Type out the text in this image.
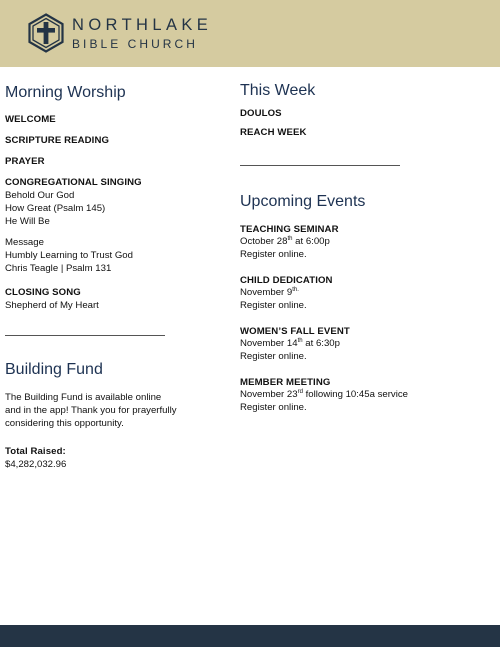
NORTHLAKE
BIBLE CHURCH
Morning Worship
WELCOME
SCRIPTURE READING
PRAYER
CONGREGATIONAL SINGING
Behold Our God
How Great (Psalm 145)
He Will Be
Message
Humbly Learning to Trust God
Chris Teagle | Psalm 131
CLOSING SONG
Shepherd of My Heart
Building Fund
The Building Fund is available online
and in the app! Thank you for prayerfully
considering this opportunity.
Total Raised:
$4,282,032.96
This Week
DOULOS
REACH WEEK
Upcoming Events
TEACHING SEMINAR
October 28th at 6:00p
Register online.
CHILD DEDICATION
November $9^{th.}$
Register online.
WOMEN’S FALL EVENT
November 14th at 6:30p
Register online.
MEMBER MEETING
November 23rd following 10:45a service
Register online.
